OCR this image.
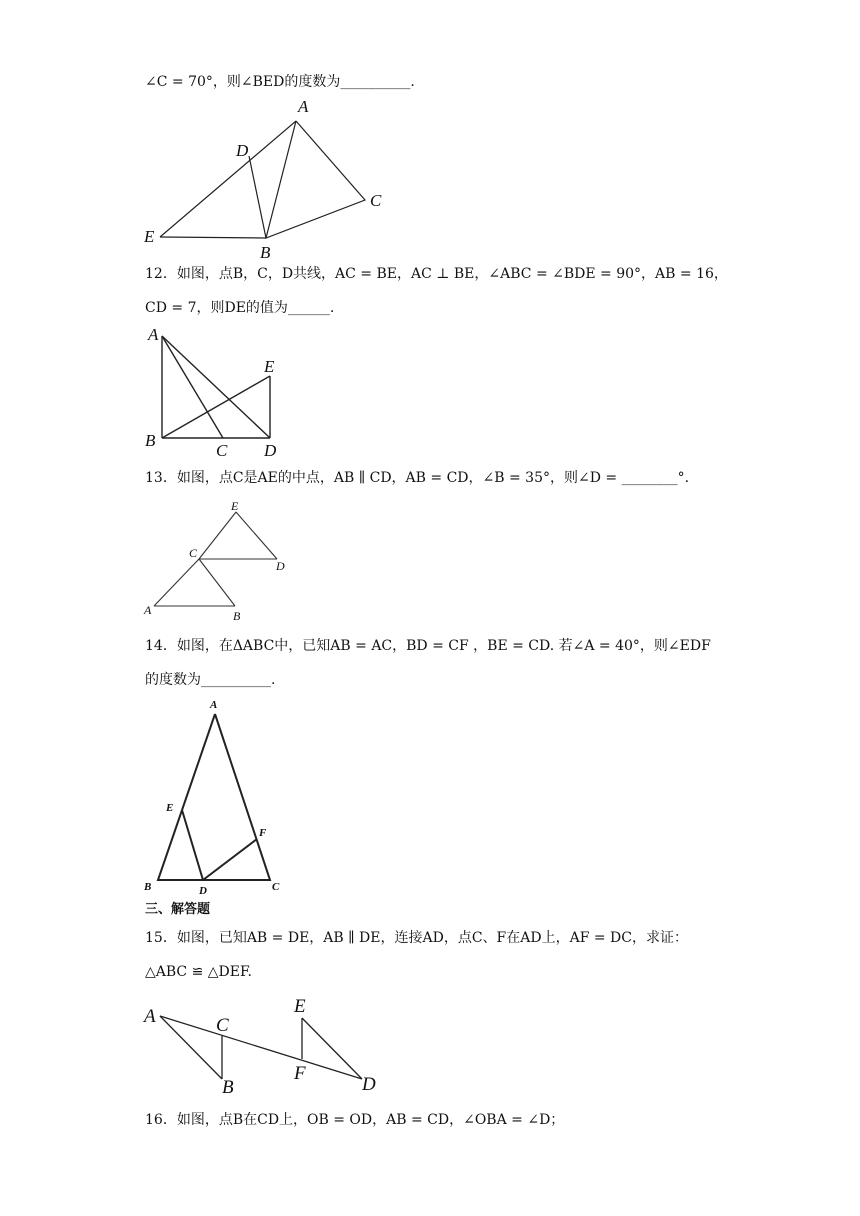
∠C = 70°，则∠BED的度数为__________.
A
B
C
D
E
12．如图，点B，C，D共线，AC = BE，AC ⊥ BE，∠ABC = ∠BDE = 90°，AB = 16，
CD = 7，则DE的值为______.
A
B
C D
E
13．如图，点C是AE的中点，AB ∥ CD，AB = CD，∠B = 35°，则∠D = ________°.
E
C
D
A	B
14．如图，在ΔABC中，已知AB = AC，BD = CF ，BE = CD. 若∠A = 40°，则∠EDF
的度数为__________.
A
E
F
B	D	C
三、解答题
15．如图，已知AB = DE，AB ∥ DE，连接AD，点C、F在AD上，AF = DC，求证：
△ABC ≌ △DEF.
A	C
B
E
F
D
16．如图，点B在CD上，OB = OD，AB = CD，∠OBA = ∠D；
